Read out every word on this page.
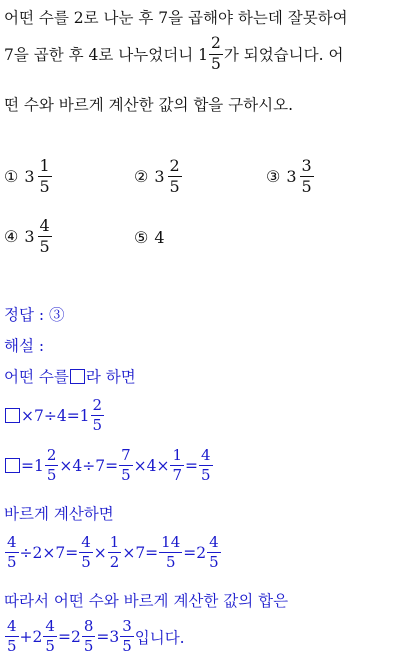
어떤 수를 2로 나눈 후 7을 곱해야 하는데 잘못하여
7을 곱한 후 4로 나누었더니 $1 \frac{2}{5}$ 가 되었습니다. 어
떤 수와 바르게 계산한 값의 합을 구하시오.
① $3 \frac{1}{5}$	② $3 \frac{2}{5}$	③ $3 \frac{3}{5}$
④ $3 \frac{4}{5}$	⑤ 4
정답 : ③
해설 :
어떤 수를 라 하면
$\times 7\div 4=1 \frac{2}{5}$
$=1 \frac{2}{5} \times 4\div 7= \frac{7}{5} \times 4\times \frac{1}{7} = \frac{4}{5}$
바르게 계산하면
$\frac{4}{5} \div 2\times 7= \frac{4}{5} \times \frac{1}{2} \times 7= \frac{14}{5} =2 \frac{4}{5}$
따라서 어떤 수와 바르게 계산한 값의 합은
$\frac{4}{5} +2 \frac{4}{5} =2 \frac{8}{5} =3 \frac{3}{5}$ 입니다.
